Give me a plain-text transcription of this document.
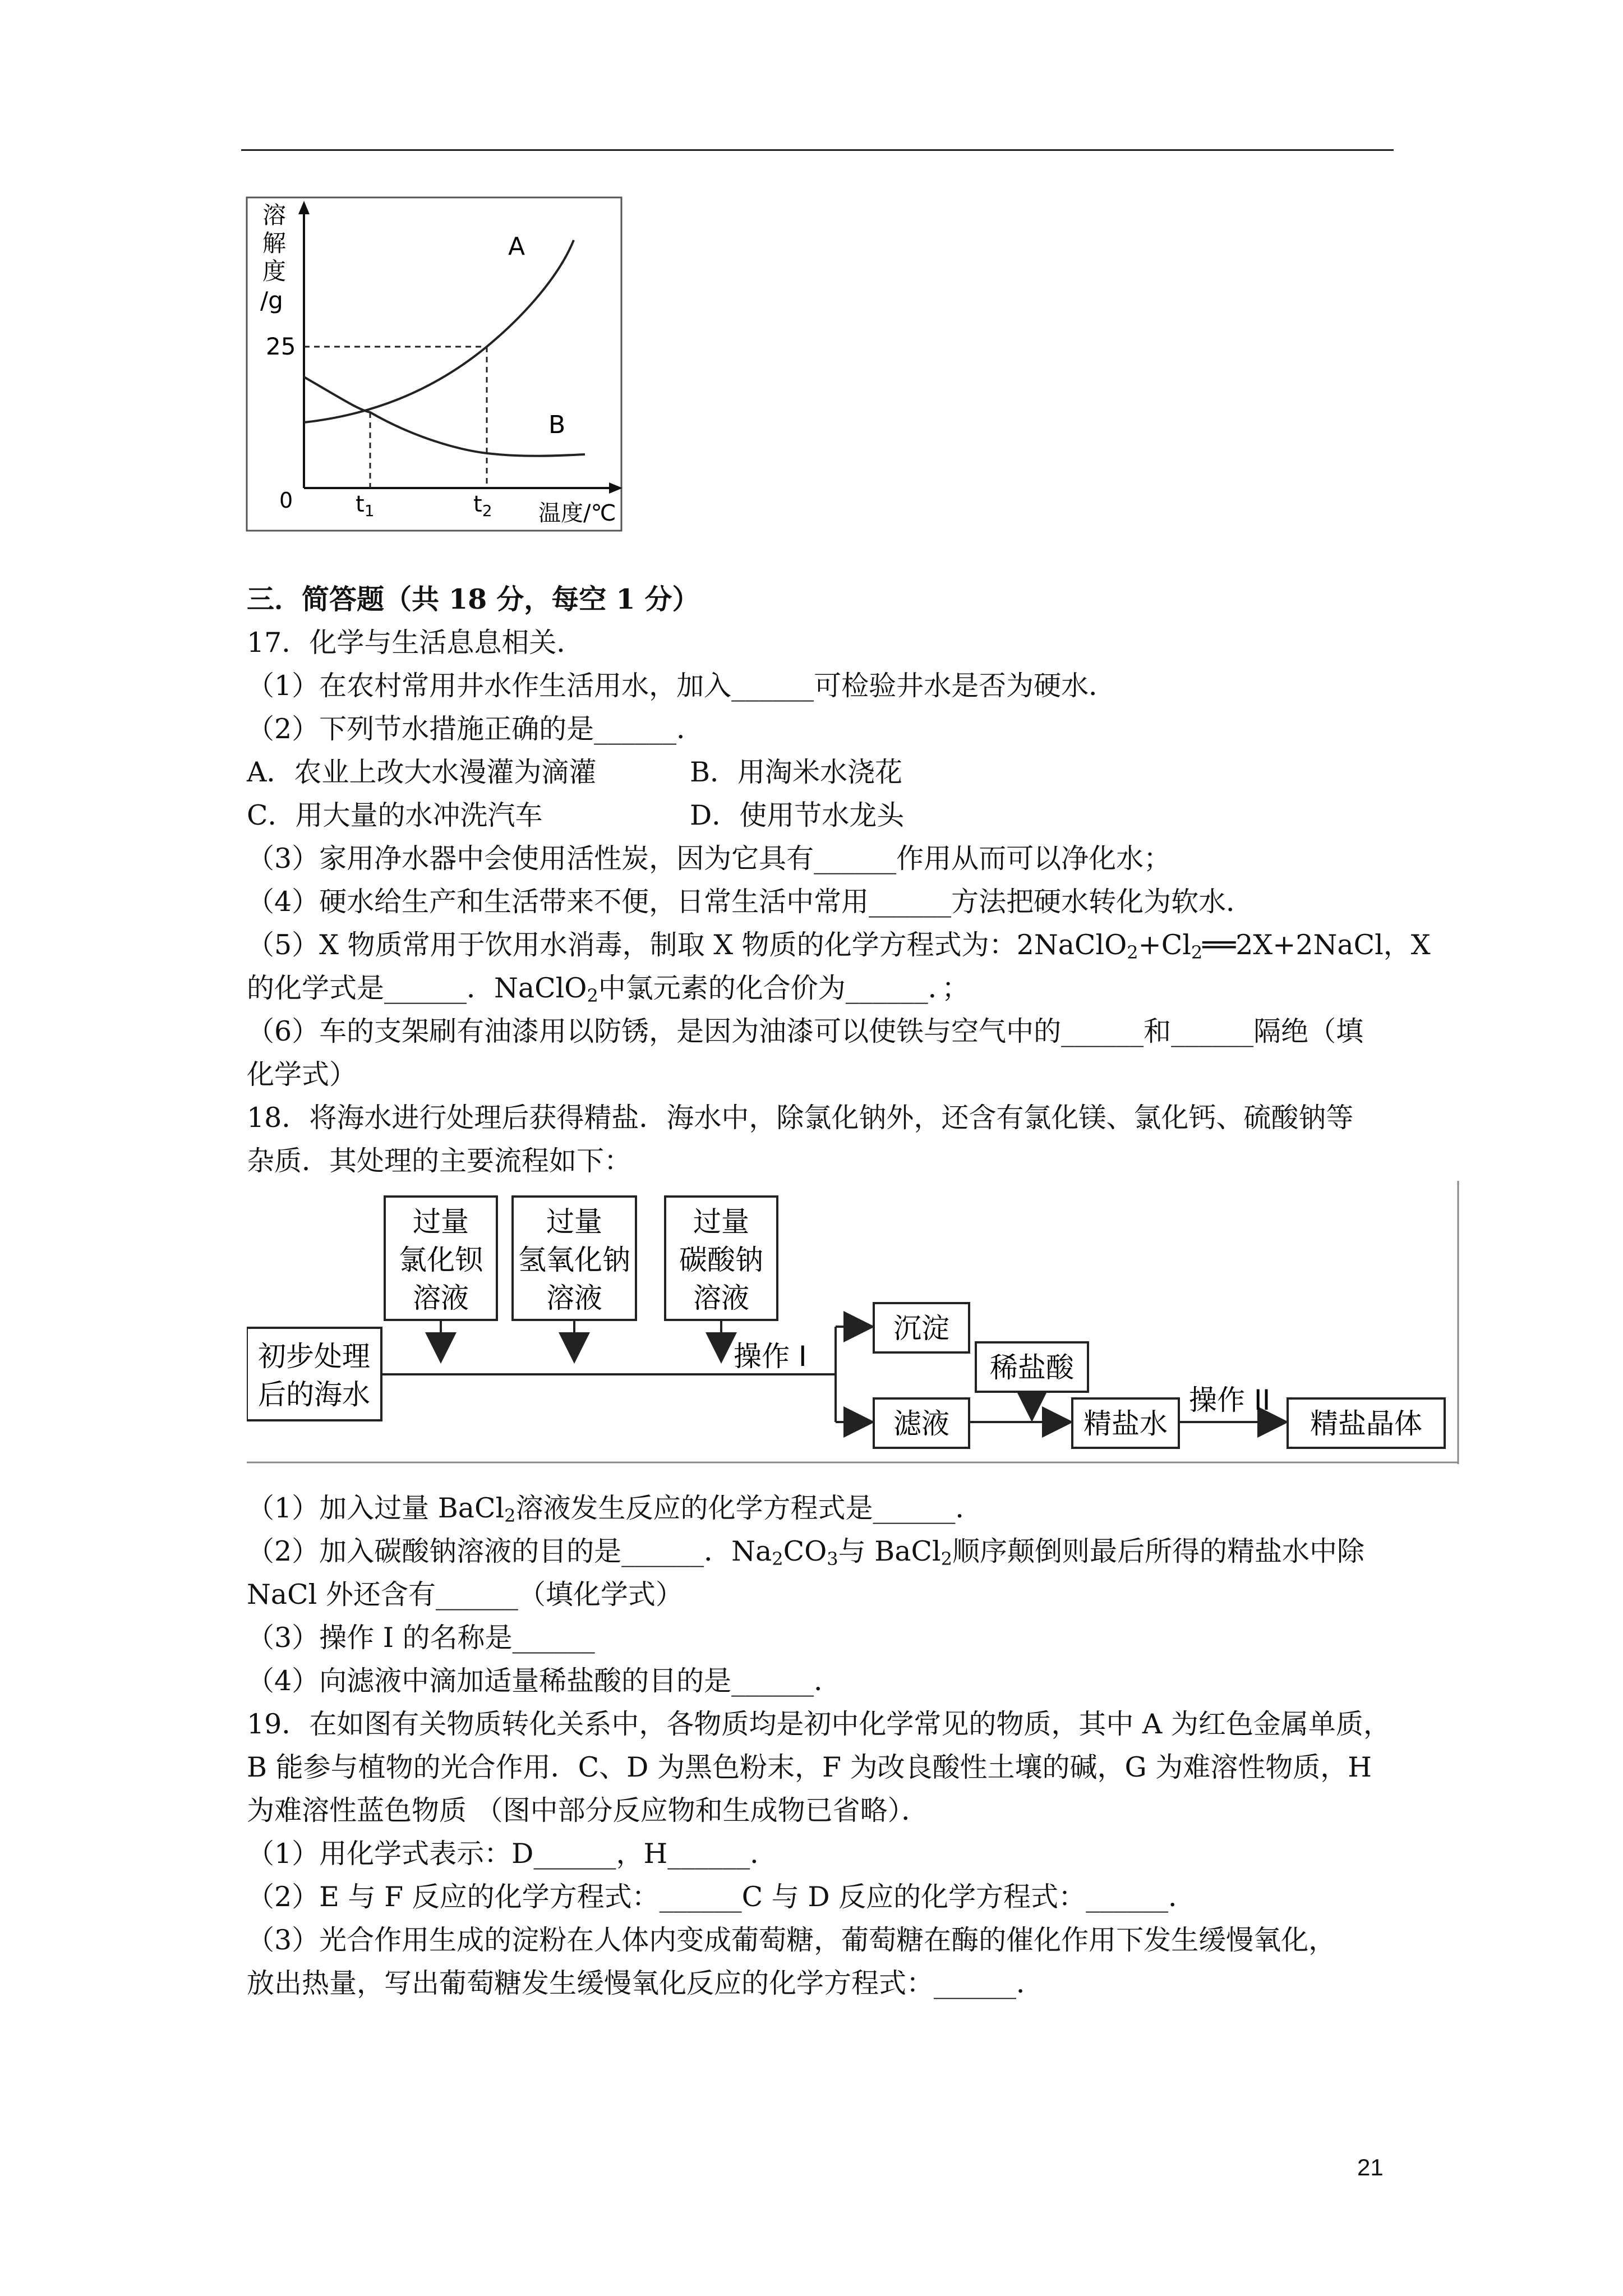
溶
解
度
/g
25
0	$t_1$	$t_2$ 温度/℃
A
B
三．简答题（共 18 分，每空 1 分）
17．化学与生活息息相关．
（1）在农村常用井水作生活用水，加入______可检验井水是否为硬水．
（2）下列节水措施正确的是______．
A．农业上改大水漫灌为滴灌	B．用淘米水浇花
C．用大量的水冲洗汽车	D．使用节水龙头
（3）家用净水器中会使用活性炭，因为它具有______作用从而可以净化水；
（4）硬水给生产和生活带来不便，日常生活中常用______方法把硬水转化为软水．
（5）X 物质常用于饮用水消毒，制取 X 物质的化学方程式为：$2NaClO_2+Cl_2══2X+2NaCl$，X
的化学式是______．NaClO$_2$中氯元素的化合价为______．；
（6）车的支架刷有油漆用以防锈，是因为油漆可以使铁与空气中的______和______隔绝（填
化学式）
18．将海水进行处理后获得精盐．海水中，除氯化钠外，还含有氯化镁、氯化钙、硫酸钠等
杂质．其处理的主要流程如下：
过量
氯化钡
溶液
过量
氢氧化钠
溶液
过量
碳酸钠
溶液
初步处理
后的海水
操作 I
沉淀
滤液
稀盐酸
精盐水
操作 II
精盐晶体
（1）加入过量 BaCl$_2$溶液发生反应的化学方程式是______．
（2）加入碳酸钠溶液的目的是______．$Na_2CO_3$与 BaCl$_2$顺序颠倒则最后所得的精盐水中除
NaCl 外还含有______（填化学式）
（3）操作 I 的名称是______
（4）向滤液中滴加适量稀盐酸的目的是______．
19．在如图有关物质转化关系中，各物质均是初中化学常见的物质，其中 A 为红色金属单质，
B 能参与植物的光合作用．C、D 为黑色粉末，F 为改良酸性土壤的碱，G 为难溶性物质，H
为难溶性蓝色物质 （图中部分反应物和生成物已省略）．
（1）用化学式表示：D______，H______．
（2）E 与 F 反应的化学方程式：______C 与 D 反应的化学方程式：______．
（3）光合作用生成的淀粉在人体内变成葡萄糖，葡萄糖在酶的催化作用下发生缓慢氧化，
放出热量，写出葡萄糖发生缓慢氧化反应的化学方程式：______．
21
